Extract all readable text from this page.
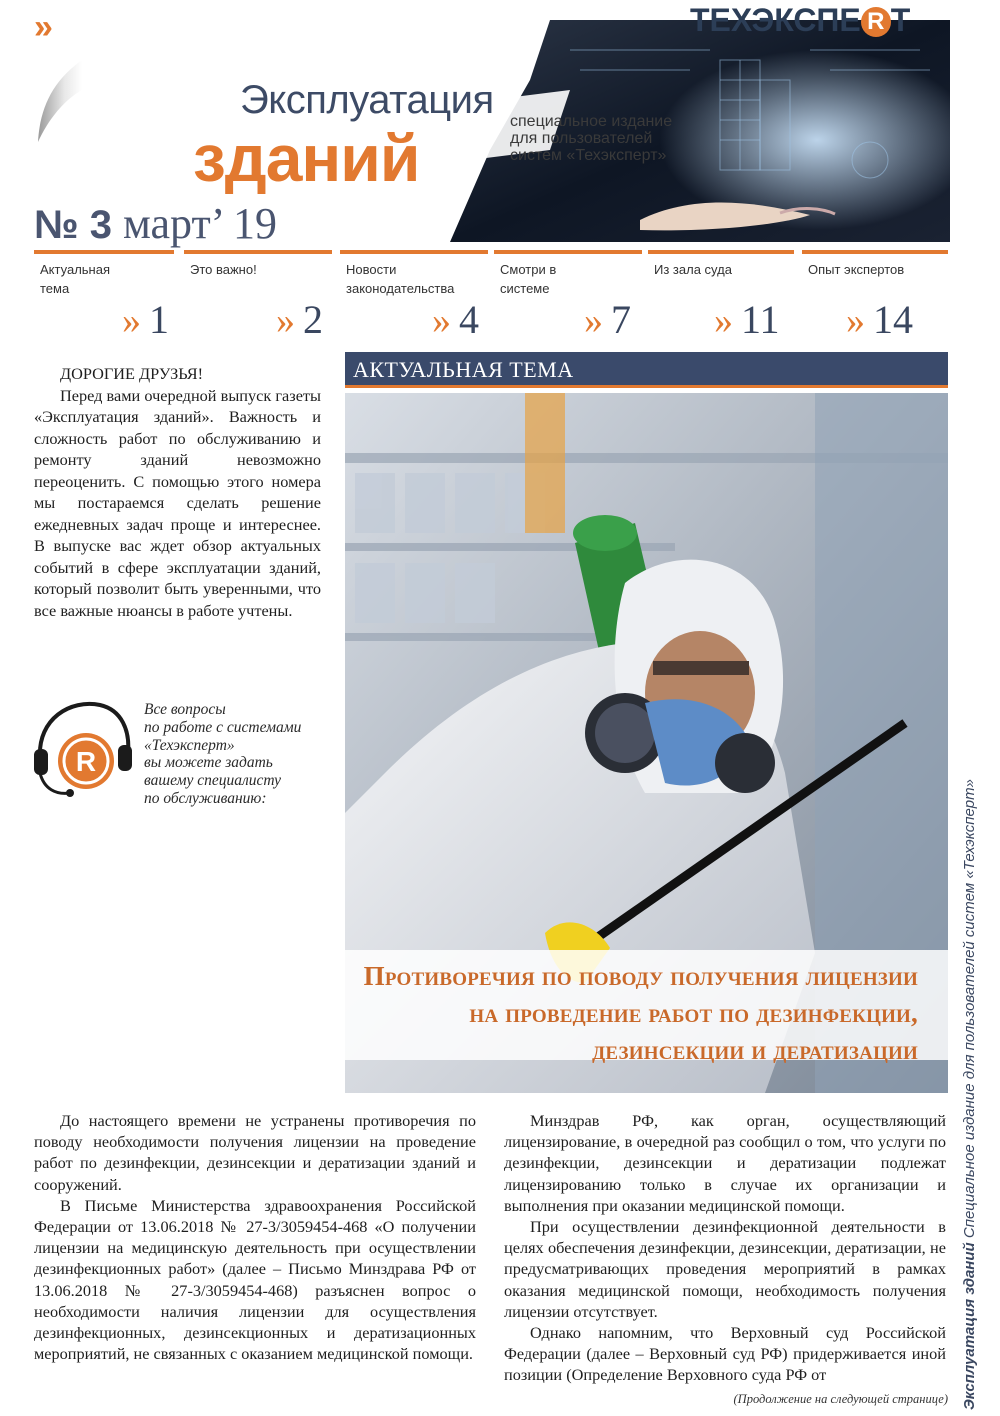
»	ТЕХЭКСПЕ R Т
специальное издание
для пользователей
систем «Техэксперт»
Эксплуатация
зданий
№ 3 март’ 19
Актуальная тема
» 1
Это важно!
» 2
Новости законодательства
» 4
Смотри в системе
» 7
Из зала суда
» 11
Опыт экспертов
» 14
ДОРОГИЕ ДРУЗЬЯ!

Перед вами очередной выпуск газеты «Эксплуатация зданий». Важность и сложность работ по обслуживанию и ремонту зданий невозможно переоценить. С помощью этого номера мы постараемся сделать решение ежедневных задач проще и интереснее. В выпуске вас ждет обзор актуальных событий в сфере эксплуатации зданий, который позволит быть уверенными, что все важные нюансы в работе учтены.

R
Все вопросы
по работе с системами
«Техэксперт»
вы можете задать
вашему специалисту
по обслуживанию:
АКТУАЛЬНАЯ ТЕМА
Противоречия по поводу получения лицензии
на проведение работ по дезинфекции,
дезинсекции и дератизации

До настоящего времени не устранены противоречия по поводу необходимости получения лицензии на проведение работ по дезинфекции, дезинсекции и дератизации зданий и сооружений.

В Письме Министерства здравоохранения Российской Федерации от 13.06.2018 № 27-3/3059454-468 «О получении лицензии на медицинскую деятельность при осуществлении дезинфекционных работ» (далее – Письмо Минздрава РФ от 13.06.2018 № 27-3/3059454-468) разъяснен вопрос о необходимости наличия лицензии для осуществления дезинфекционных, дезинсекционных и дератизационных мероприятий, не связанных с оказанием медицинской помощи.

Минздрав РФ, как орган, осуществляющий лицензирование, в очередной раз сообщил о том, что услуги по дезинфекции, дезинсекции и дератизации подлежат лицензированию только в случае их организации и выполнения при оказании медицинской помощи.

При осуществлении дезинфекционной деятельности в целях обеспечения дезинфекции, дезинсекции, дератизации, не предусматривающих проведения мероприятий в рамках оказания медицинской помощи, необходимость получения лицензии отсутствует.

Однако напомним, что Верховный суд Российской Федерации (далее – Верховный суд РФ) придерживается иной позиции (Определение Верховного суда РФ от

(Продолжение на следующей странице) Эксплуатация зданий Специальное издание для пользователей систем «Техэксперт»
